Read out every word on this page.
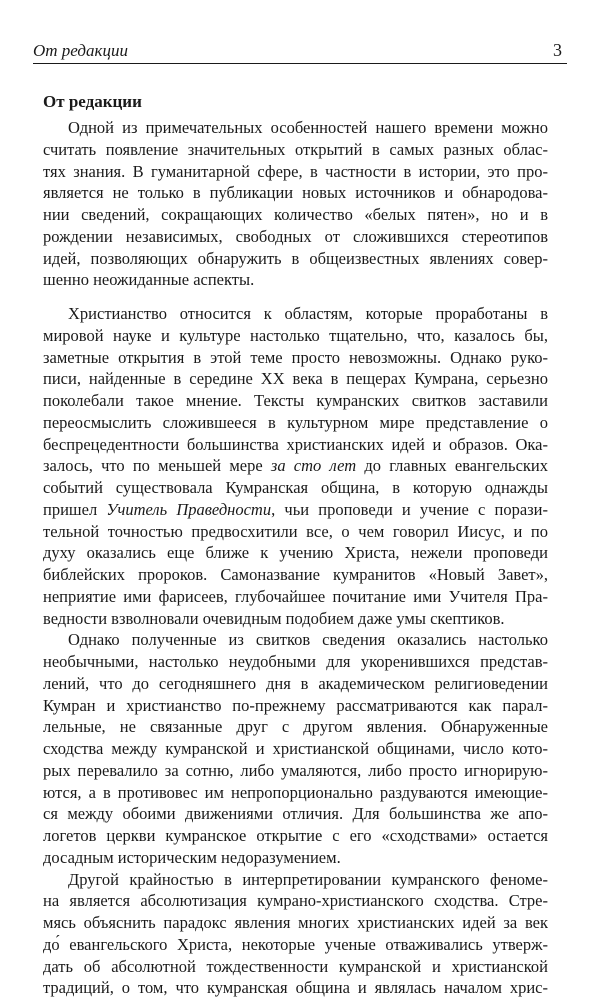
От редакции	3
От редакции
Одной из примечательных особенностей нашего времени можно
считать появление значительных открытий в самых разных облас-
тях знания. В гуманитарной сфере, в частности в истории, это про-
является не только в публикации новых источников и обнародова-
нии сведений, сокращающих количество «белых пятен», но и в
рождении независимых, свободных от сложившихся стереотипов
идей, позволяющих обнаружить в общеизвестных явлениях совер-
шенно неожиданные аспекты.
Христианство относится к областям, которые проработаны в
мировой науке и культуре настолько тщательно, что, казалось бы,
заметные открытия в этой теме просто невозможны. Однако руко-
писи, найденные в середине XX века в пещерах Кумрана, серьезно
поколебали такое мнение. Тексты кумранских свитков заставили
переосмыслить сложившееся в культурном мире представление о
беспрецедентности большинства христианских идей и образов. Ока-
залось, что по меньшей мере за сто лет до главных евангельских
событий существовала Кумранская община, в которую однажды
пришел Учитель Праведности, чьи проповеди и учение с порази-
тельной точностью предвосхитили все, о чем говорил Иисус, и по
духу оказались еще ближе к учению Христа, нежели проповеди
библейских пророков. Самоназвание кумранитов «Новый Завет»,
неприятие ими фарисеев, глубочайшее почитание ими Учителя Пра-
ведности взволновали очевидным подобием даже умы скептиков.
Однако полученные из свитков сведения оказались настолько
необычными, настолько неудобными для укоренившихся представ-
лений, что до сегодняшнего дня в академическом религиоведении
Кумран и христианство по-прежнему рассматриваются как парал-
лельные, не связанные друг с другом явления. Обнаруженные
сходства между кумранской и христианской общинами, число кото-
рых перевалило за сотню, либо умаляются, либо просто игнорирую-
ются, а в противовес им непропорционально раздуваются имеющие-
ся между обоими движениями отличия. Для большинства же апо-
логетов церкви кумранское открытие с его «сходствами» остается
досадным историческим недоразумением.
Другой крайностью в интерпретировании кумранского феноме-
на является абсолютизация кумрано-христианского сходства. Стре-
мясь объяснить парадокс явления многих христианских идей за век
до́ евангельского Христа, некоторые ученые отваживались утверж-
дать об абсолютной тождественности кумранской и христианской
традиций, о том, что кумранская община и являлась началом хрис-
